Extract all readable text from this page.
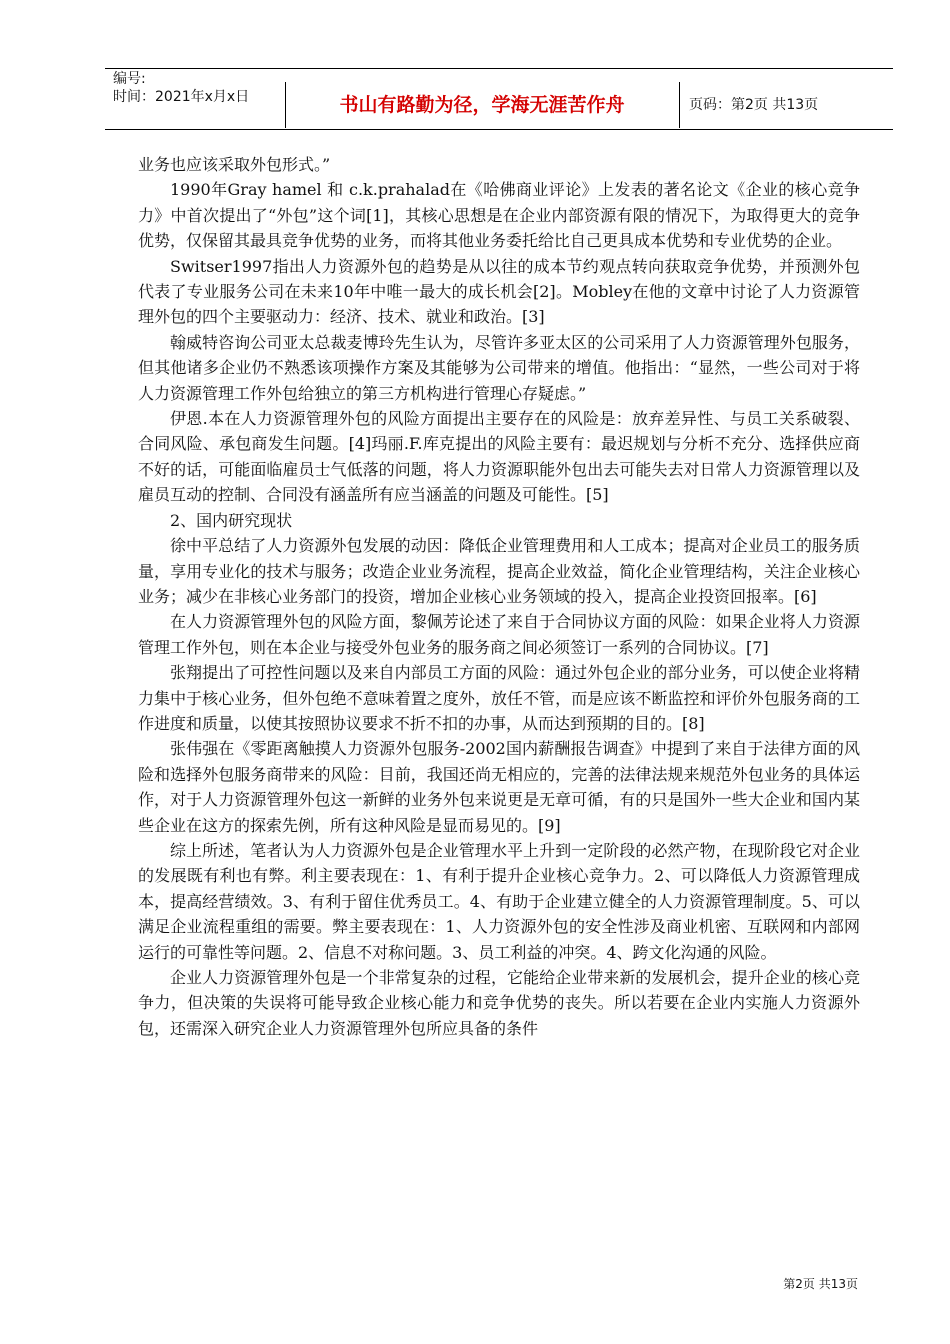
编号:
时间：2021年x月x日	书山有路勤为径，学海无涯苦作舟	页码：第2页 共13页

业务也应该采取外包形式。”

1990年Gray hamel 和 c.k.prahalad在《哈佛商业评论》上发表的著名论文《企业的核心竞争力》中首次提出了“外包”这个词[1]，其核心思想是在企业内部资源有限的情况下，为取得更大的竞争优势，仅保留其最具竞争优势的业务，而将其他业务委托给比自己更具成本优势和专业优势的企业。

Switser1997指出人力资源外包的趋势是从以往的成本节约观点转向获取竞争优势，并预测外包代表了专业服务公司在未来10年中唯一最大的成长机会[2]。Mobley在他的文章中讨论了人力资源管理外包的四个主要驱动力：经济、技术、就业和政治。[3]

翰威特咨询公司亚太总裁麦博玲先生认为，尽管许多亚太区的公司采用了人力资源管理外包服务，但其他诸多企业仍不熟悉该项操作方案及其能够为公司带来的增值。他指出：“显然，一些公司对于将人力资源管理工作外包给独立的第三方机构进行管理心存疑虑。”

伊恩.本在人力资源管理外包的风险方面提出主要存在的风险是：放弃差异性、与员工关系破裂、合同风险、承包商发生问题。[4]玛丽.F.库克提出的风险主要有：最迟规划与分析不充分、选择供应商不好的话，可能面临雇员士气低落的问题，将人力资源职能外包出去可能失去对日常人力资源管理以及雇员互动的控制、合同没有涵盖所有应当涵盖的问题及可能性。[5]

2、国内研究现状

徐中平总结了人力资源外包发展的动因：降低企业管理费用和人工成本；提高对企业员工的服务质量，享用专业化的技术与服务；改造企业业务流程，提高企业效益，简化企业管理结构，关注企业核心业务；减少在非核心业务部门的投资，增加企业核心业务领域的投入，提高企业投资回报率。[6]

在人力资源管理外包的风险方面，黎佩芳论述了来自于合同协议方面的风险：如果企业将人力资源管理工作外包，则在本企业与接受外包业务的服务商之间必须签订一系列的合同协议。[7]

张翔提出了可控性问题以及来自内部员工方面的风险：通过外包企业的部分业务，可以使企业将精力集中于核心业务，但外包绝不意味着置之度外，放任不管，而是应该不断监控和评价外包服务商的工作进度和质量，以使其按照协议要求不折不扣的办事，从而达到预期的目的。[8]

张伟强在《零距离触摸人力资源外包服务-2002国内薪酬报告调查》中提到了来自于法律方面的风险和选择外包服务商带来的风险：目前，我国还尚无相应的，完善的法律法规来规范外包业务的具体运作，对于人力资源管理外包这一新鲜的业务外包来说更是无章可循，有的只是国外一些大企业和国内某些企业在这方的探索先例，所有这种风险是显而易见的。[9]

综上所述，笔者认为人力资源外包是企业管理水平上升到一定阶段的必然产物，在现阶段它对企业的发展既有利也有弊。利主要表现在：1、有利于提升企业核心竞争力。2、可以降低人力资源管理成本，提高经营绩效。3、有利于留住优秀员工。4、有助于企业建立健全的人力资源管理制度。5、可以满足企业流程重组的需要。弊主要表现在：1、人力资源外包的安全性涉及商业机密、互联网和内部网运行的可靠性等问题。2、信息不对称问题。3、员工利益的冲突。4、跨文化沟通的风险。

企业人力资源管理外包是一个非常复杂的过程，它能给企业带来新的发展机会，提升企业的核心竞争力，但决策的失误将可能导致企业核心能力和竞争优势的丧失。所以若要在企业内实施人力资源外包，还需深入研究企业人力资源管理外包所应具备的条件

第2页 共13页
